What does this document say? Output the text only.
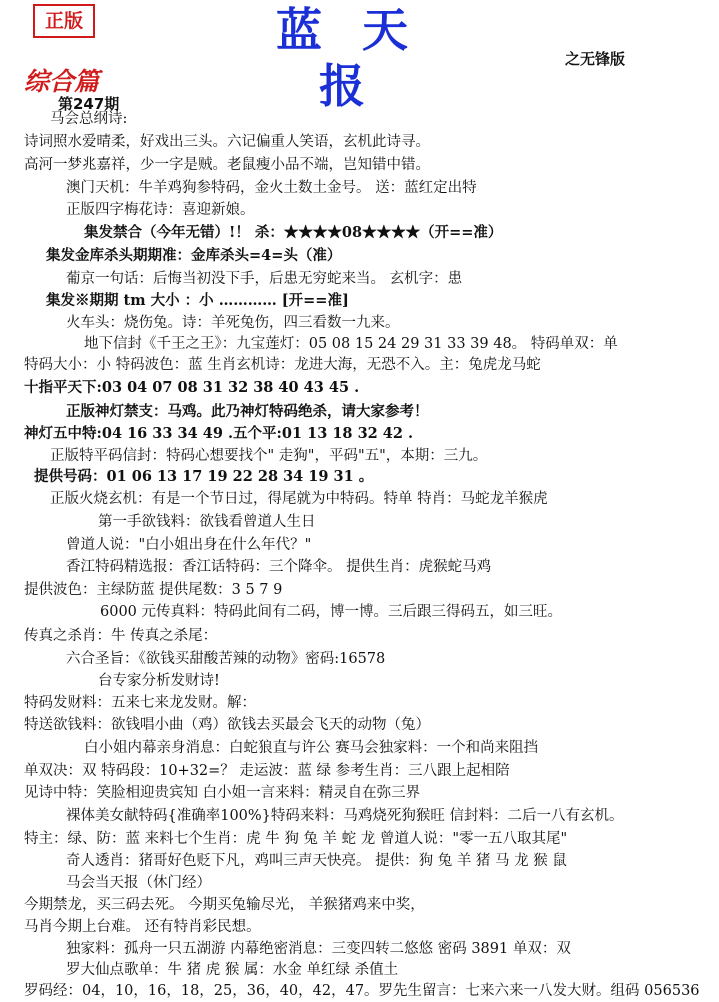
正版	蓝 天 报	之无锋版
综合篇
第247期
马会总纲诗:
诗词照水爱晴柔，好戏出三头。六记偏重人笑语，玄机此诗寻。
高河一梦兆嘉祥，少一字是贼。老鼠瘦小品不端，岂知错中错。
澳门天机：牛羊鸡狗参特码，金火土数土金号。 送：蓝红定出特
正版四字梅花诗：喜迎新娘。
集发禁合（今年无错）!！ 杀：★★★★08★★★★（开==准）
集发金库杀头期期准：金库杀头=4=头（准）
葡京一句话：后悔当初没下手，后患无穷蛇来当。 玄机字：患
集发※期期 tm 大小 ：小 ………… [开==准]
火车头：烧伤兔。诗：羊死兔伤，四三看数一九来。
地下信封《千王之王》：九宝莲灯：05 08 15 24 29 31 33 39 48。 特码单双：单
特码大小：小 特码波色：蓝 生肖玄机诗：龙进大海，无恐不入。主：兔虎龙马蛇
十指平天下:03 04 07 08 31 32 38 40 43 45 .
正版神灯禁支：马鸡。此乃神灯特码绝杀，请大家参考！
神灯五中特:04 16 33 34 49 .五个平:01 13 18 32 42 .
正版特平码信封：特码心想要找个" 走狗"，平码"五"，本期：三九。
提供号码：01 06 13 17 19 22 28 34 19 31 。
正版火烧玄机：有是一个节日过，得尾就为中特码。特单 特肖：马蛇龙羊猴虎
第一手欲钱料：欲钱看曾道人生日
曾道人说："白小姐出身在什么年代？"
香江特码精选报：香江话特码：三个降伞。 提供生肖：虎猴蛇马鸡
提供波色：主绿防蓝 提供尾数：3 5 7 9
6000 元传真料：特码此间有二码，博一博。三后跟三得码五，如三旺。
传真之杀肖：牛 传真之杀尾：
六合圣旨：《欲钱买甜酸苦辣的动物》密码:16578
台专家分析发财诗!
特码发财料：五来七来龙发财。解：
特送欲钱料：欲钱唱小曲（鸡）欲钱去买最会飞天的动物（兔）
白小姐内幕亲身消息：白蛇狼直与许公 赛马会独家料：一个和尚来阻挡
单双决：双 特码段：10+32=？ 走运波：蓝 绿 参考生肖：三八跟上起相陪
见诗中特：笑脸相迎贵宾知 白小姐一言来料：精灵自在弥三界
裸体美女献特码{准确率100%}特码来料：马鸡烧死狗猴旺 信封料：二后一八有玄机。
特主：绿、防：蓝 来料七个生肖：虎 牛 狗 兔 羊 蛇 龙 曾道人说："零一五八取其尾"
奇人透肖：猪哥好色贬下凡，鸡叫三声天快亮。 提供：狗 兔 羊 猪 马 龙 猴 鼠
马会当天报（休门经）
今期禁龙，买三码去死。 今期买兔输尽光， 羊猴猪鸡来中奖，
马肖今期上台难。 还有特肖彩民想。
独家料：孤舟一只五湖游 内幕绝密消息：三变四转二悠悠 密码 3891 单双：双
罗大仙点歌单：牛 猪 虎 猴 属：水金 单红绿 杀值土
罗码经：04，10，16，18，25，36，40，42，47。罗先生留言：七来六来一八发大财。组码 056536
